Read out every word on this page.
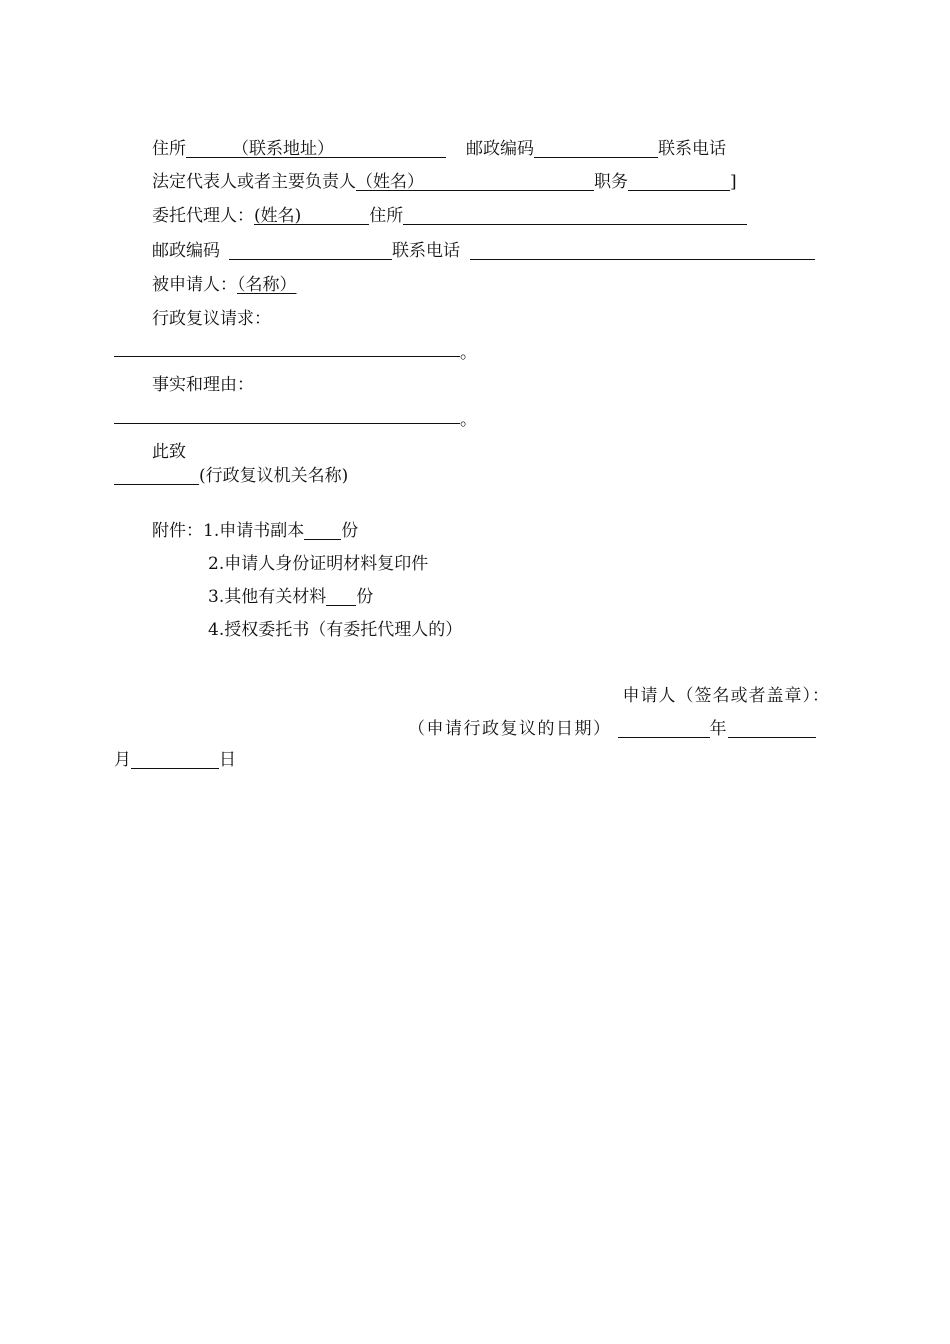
住所	（联系地址）	邮政编码	联系电话
法定代表人或者主要负责人（姓名）	职务	]
委托代理人：(姓名)	住所
邮政编码	联系电话
被申请人：（名称）
行政复议请求：
。
事实和理由：
。
此致
(行政复议机关名称)
附件：1.申请书副本 份
2.申请人身份证明材料复印件
3.其他有关材料 份
4.授权委托书（有委托代理人的）
申请人（签名或者盖章）：
（申请行政复议的日期）	年
月	日
